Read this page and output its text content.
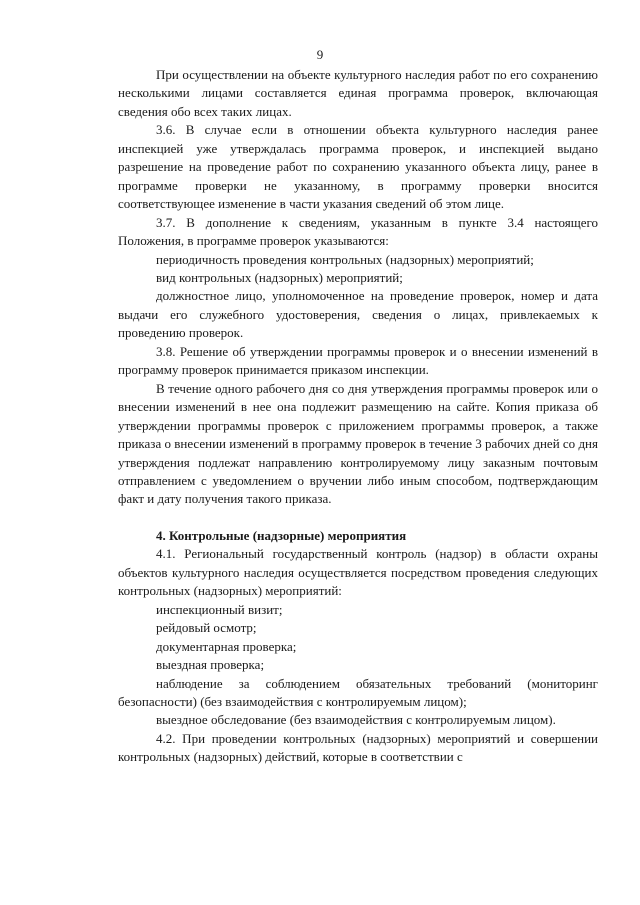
9

При осуществлении на объекте культурного наследия работ по его сохранению несколькими лицами составляется единая программа проверок, включающая сведения обо всех таких лицах.

3.6. В случае если в отношении объекта культурного наследия ранее инспекцией уже утверждалась программа проверок, и инспекцией выдано разрешение на проведение работ по сохранению указанного объекта лицу, ранее в программе проверки не указанному, в программу проверки вносится соответствующее изменение в части указания сведений об этом лице.

3.7. В дополнение к сведениям, указанным в пункте 3.4 настоящего Положения, в программе проверок указываются:

периодичность проведения контрольных (надзорных) мероприятий;

вид контрольных (надзорных) мероприятий;

должностное лицо, уполномоченное на проведение проверок, номер и дата выдачи его служебного удостоверения, сведения о лицах, привлекаемых к проведению проверок.

3.8. Решение об утверждении программы проверок и о внесении изменений в программу проверок принимается приказом инспекции.

В течение одного рабочего дня со дня утверждения программы проверок или о внесении изменений в нее она подлежит размещению на сайте. Копия приказа об утверждении программы проверок с приложением программы проверок, а также приказа о внесении изменений в программу проверок в течение 3 рабочих дней со дня утверждения подлежат направлению контролируемому лицу заказным почтовым отправлением с уведомлением о вручении либо иным способом, подтверждающим факт и дату получения такого приказа.

4. Контрольные (надзорные) мероприятия

4.1. Региональный государственный контроль (надзор) в области охраны объектов культурного наследия осуществляется посредством проведения следующих контрольных (надзорных) мероприятий:

инспекционный визит;

рейдовый осмотр;

документарная проверка;

выездная проверка;

наблюдение за соблюдением обязательных требований (мониторинг безопасности) (без взаимодействия с контролируемым лицом);

выездное обследование (без взаимодействия с контролируемым лицом).

4.2. При проведении контрольных (надзорных) мероприятий и совершении контрольных (надзорных) действий, которые в соответствии с
